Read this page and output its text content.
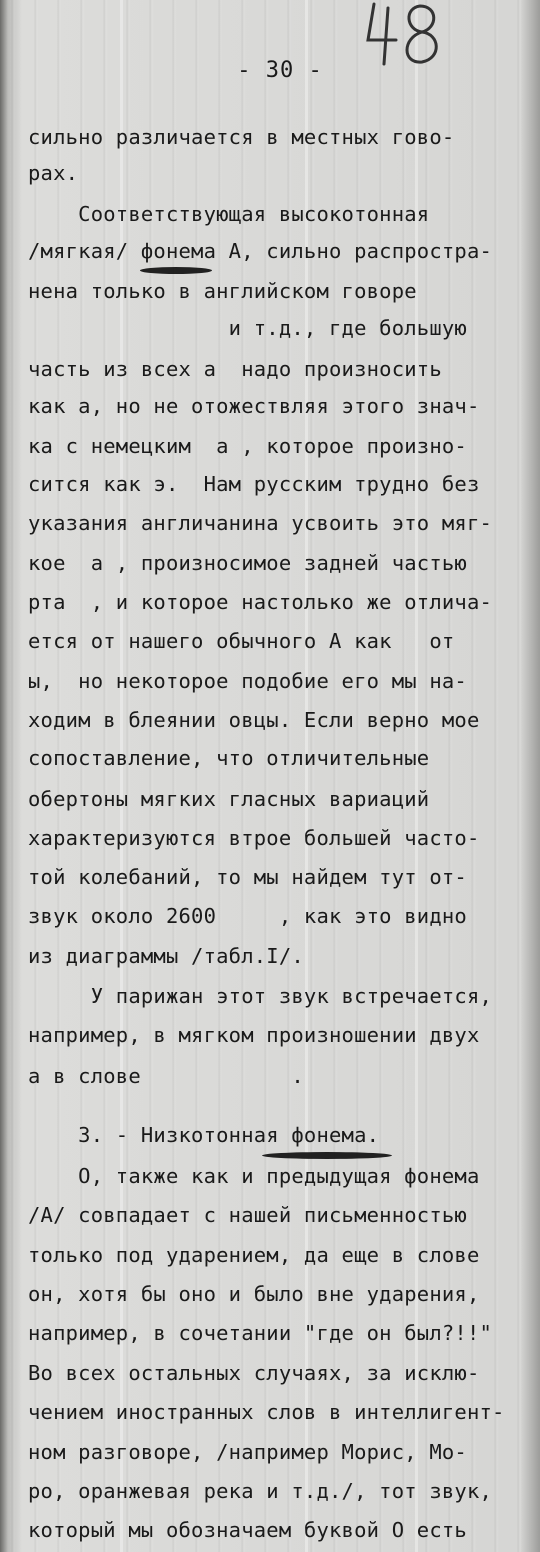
- 30 -
сильно различается в местных гово-
рах.
Соответствующая высокотонная
/мягкая/ фонема А, сильно распростра-
нена только в английском говоре
и т.д., где большую
часть из всех а  надо произносить
как а, но не отожествляя этого знач-
ка с немецким  а , которое произно-
сится как э.  Нам русским трудно без
указания англичанина усвоить это мяг-
кое  а , произносимое задней частью
рта  , и которое настолько же отлича-
ется от нашего обычного А как   от
ы,  но некоторое подобие его мы на-
ходим в блеянии овцы. Если верно мое
сопоставление, что отличительные
обертоны мягких гласных вариаций
характеризуются втрое большей часто-
той колебаний, то мы найдем тут от-
звук около 2600     , как это видно
из диаграммы /табл.I/.
У парижан этот звук встречается,
например, в мягком произношении двух
а в слове            .
3. - Низкотонная фонема.
О, также как и предыдущая фонема
/А/ совпадает с нашей письменностью
только под ударением, да еще в слове
он, хотя бы оно и было вне ударения,
например, в сочетании "где он был?!!"
Во всех остальных случаях, за исклю-
чением иностранных слов в интеллигент-
ном разговоре, /например Морис, Мо-
ро, оранжевая река и т.д./, тот звук,
который мы обозначаем буквой О есть
